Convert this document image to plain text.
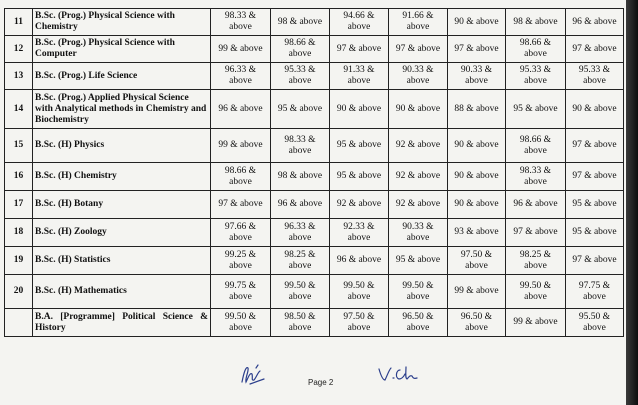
11	B.Sc. (Prog.) Physical Science with Chemistry	98.33 & above	98 & above	94.66 & above	91.66 & above	90 & above	98 & above	96 & above
12	B.Sc. (Prog.) Physical Science with Computer	99 & above	98.66 & above	97 & above	97 & above	97 & above	98.66 & above	97 & above
13	B.Sc. (Prog.) Life Science	96.33 & above	95.33 & above	91.33 & above	90.33 & above	90.33 & above	95.33 & above	95.33 & above
14	B.Sc. (Prog.) Applied Physical Science with Analytical methods in Chemistry and Biochemistry	96 & above	95 & above	90 & above	90 & above	88 & above	95 & above	90 & above
15	B.Sc. (H) Physics	99 & above	98.33 & above	95 & above	92 & above	90 & above	98.66 & above	97 & above
16	B.Sc. (H) Chemistry	98.66 & above	98 & above	95 & above	92 & above	90 & above	98.33 & above	97 & above
17	B.Sc. (H) Botany	97 & above	96 & above	92 & above	92 & above	90 & above	96 & above	95 & above
18	B.Sc. (H) Zoology	97.66 & above	96.33 & above	92.33 & above	90.33 & above	93 & above	97 & above	95 & above
19	B.Sc. (H) Statistics	99.25 & above	98.25 & above	96 & above	95 & above	97.50 & above	98.25 & above	97 & above
20	B.Sc. (H) Mathematics	99.75 & above	99.50 & above	99.50 & above	99.50 & above	99 & above	99.50 & above	97.75 & above
	B.A. [Programme] Political Science & History	99.50 & above	98.50 & above	97.50 & above	96.50 & above	96.50 & above	99 & above	95.50 & above
Page 2
